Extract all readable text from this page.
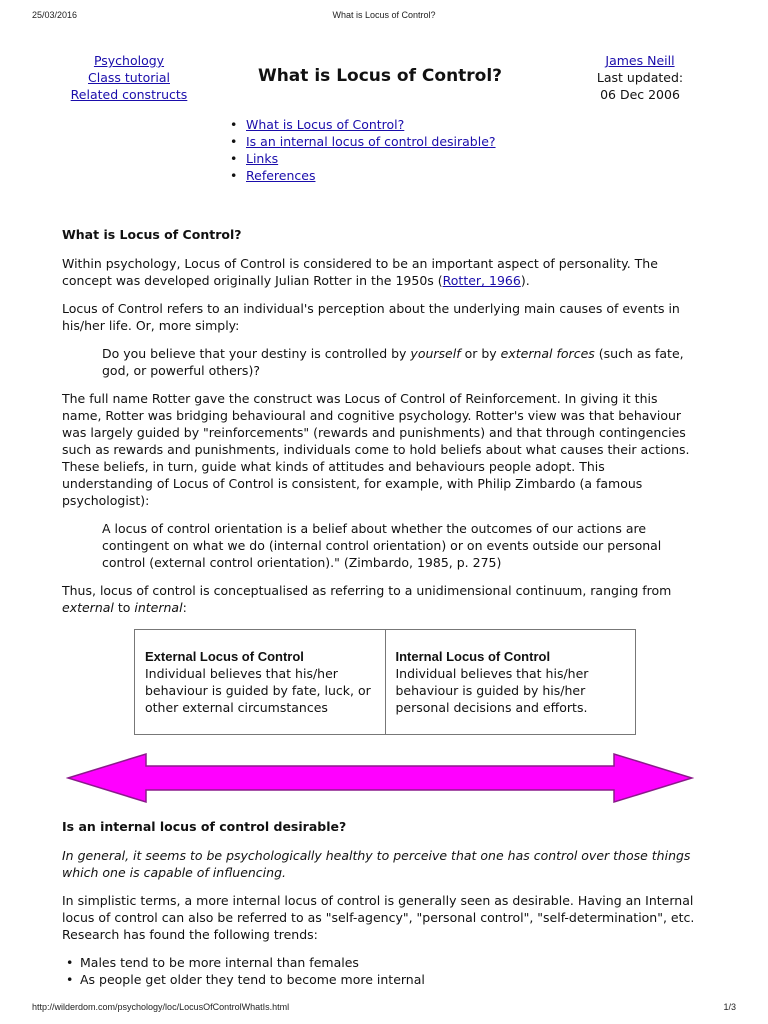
25/03/2016	What is Locus of Control?
Psychology
Class tutorial
Related constructs
What is Locus of Control?
James Neill
Last updated:
06 Dec 2006
• What is Locus of Control?
• Is an internal locus of control desirable?
• Links
• References
What is Locus of Control?

Within psychology, Locus of Control is considered to be an important aspect of personality. The concept was developed originally Julian Rotter in the 1950s (Rotter, 1966).

Locus of Control refers to an individual's perception about the underlying main causes of events in his/her life. Or, more simply:

Do you believe that your destiny is controlled by yourself or by external forces (such as fate, god, or powerful others)?

The full name Rotter gave the construct was Locus of Control of Reinforcement. In giving it this name, Rotter was bridging behavioural and cognitive psychology. Rotter's view was that behaviour was largely guided by "reinforcements" (rewards and punishments) and that through contingencies such as rewards and punishments, individuals come to hold beliefs about what causes their actions. These beliefs, in turn, guide what kinds of attitudes and behaviours people adopt. This understanding of Locus of Control is consistent, for example, with Philip Zimbardo (a famous psychologist):

A locus of control orientation is a belief about whether the outcomes of our actions are contingent on what we do (internal control orientation) or on events outside our personal control (external control orientation)." (Zimbardo, 1985, p. 275)

Thus, locus of control is conceptualised as referring to a unidimensional continuum, ranging from external to internal:

External Locus of Control
Individual believes that his/her behaviour is guided by fate, luck, or other external circumstances
Internal Locus of Control
Individual believes that his/her behaviour is guided by his/her personal decisions and efforts.
Is an internal locus of control desirable?

In general, it seems to be psychologically healthy to perceive that one has control over those things which one is capable of influencing.

In simplistic terms, a more internal locus of control is generally seen as desirable. Having an Internal locus of control can also be referred to as "self-agency", "personal control", "self-determination", etc. Research has found the following trends:

• Males tend to be more internal than females
• As people get older they tend to become more internal
http://wilderdom.com/psychology/loc/LocusOfControlWhatIs.html	1/3
